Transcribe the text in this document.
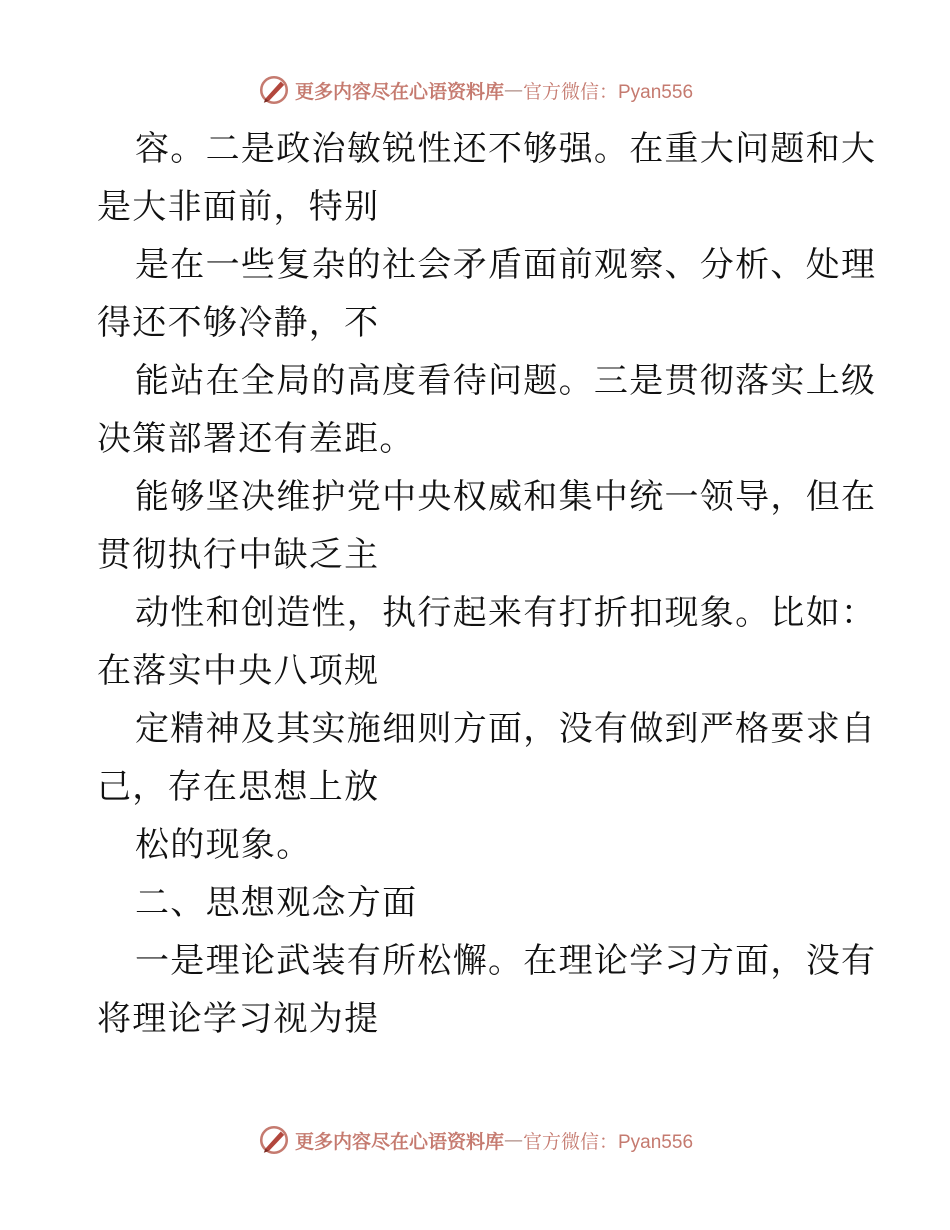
更多内容尽在心语资料库 — 官方微信：Pyan556
容。二是政治敏锐性还不够强。在重大问题和大
是大非面前，特别
是在一些复杂的社会矛盾面前观察、分析、处理
得还不够冷静，不
能站在全局的高度看待问题。三是贯彻落实上级
决策部署还有差距。
能够坚决维护党中央权威和集中统一领导，但在
贯彻执行中缺乏主
动性和创造性，执行起来有打折扣现象。比如：
在落实中央八项规
定精神及其实施细则方面，没有做到严格要求自
己，存在思想上放
松的现象。
二、思想观念方面
一是理论武装有所松懈。在理论学习方面，没有
将理论学习视为提
更多内容尽在心语资料库 — 官方微信：Pyan556
